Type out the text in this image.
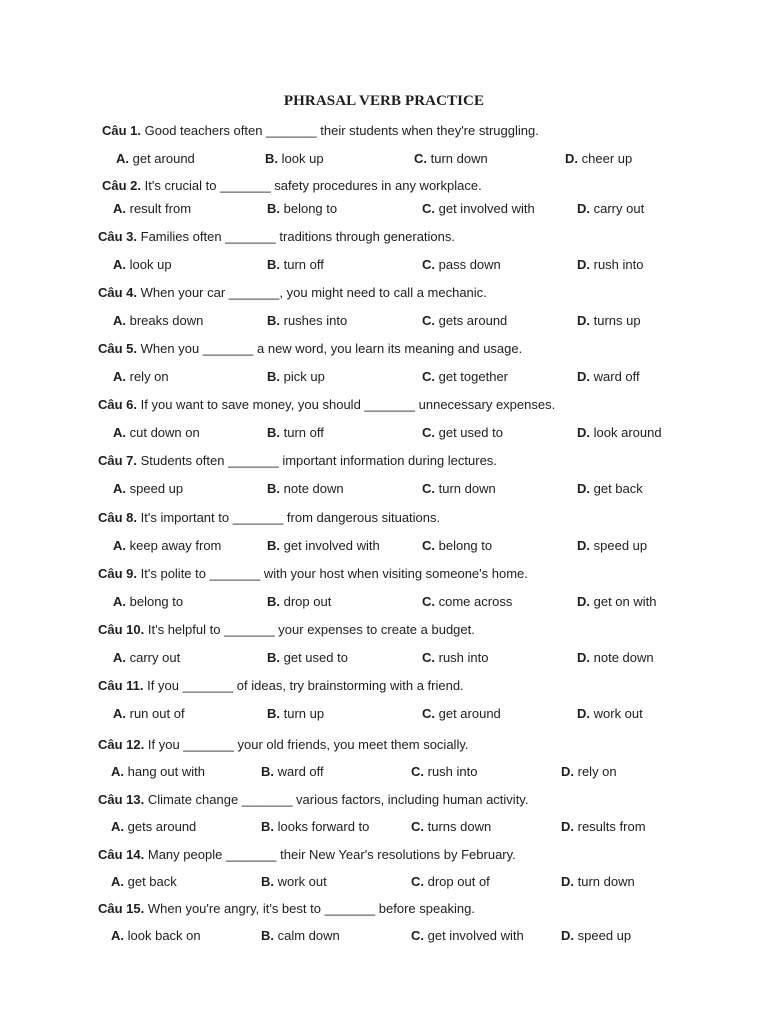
PHRASAL VERB PRACTICE
Câu 1. Good teachers often _______ their students when they're struggling.
A. get around	B. look up	C. turn down	D. cheer up
Câu 2. It's crucial to _______ safety procedures in any workplace.
A. result from	B. belong to	C. get involved with	D. carry out
Câu 3. Families often _______ traditions through generations.
A. look up	B. turn off	C. pass down	D. rush into
Câu 4. When your car _______, you might need to call a mechanic.
A. breaks down	B. rushes into	C. gets around	D. turns up
Câu 5. When you _______ a new word, you learn its meaning and usage.
A. rely on	B. pick up	C. get together	D. ward off
Câu 6. If you want to save money, you should _______ unnecessary expenses.
A. cut down on	B. turn off	C. get used to	D. look around
Câu 7. Students often _______ important information during lectures.
A. speed up	B. note down	C. turn down	D. get back
Câu 8. It's important to _______ from dangerous situations.
A. keep away from	B. get involved with	C. belong to	D. speed up
Câu 9. It's polite to _______ with your host when visiting someone's home.
A. belong to	B. drop out	C. come across	D. get on with
Câu 10. It's helpful to _______ your expenses to create a budget.
A. carry out	B. get used to	C. rush into	D. note down
Câu 11. If you _______ of ideas, try brainstorming with a friend.
A. run out of	B. turn up	C. get around	D. work out
Câu 12. If you _______ your old friends, you meet them socially.
A. hang out with	B. ward off	C. rush into	D. rely on
Câu 13. Climate change _______ various factors, including human activity.
A. gets around	B. looks forward to	C. turns down	D. results from
Câu 14. Many people _______ their New Year's resolutions by February.
A. get back	B. work out	C. drop out of	D. turn down
Câu 15. When you're angry, it's best to _______ before speaking.
A. look back on	B. calm down	C. get involved with	D. speed up
